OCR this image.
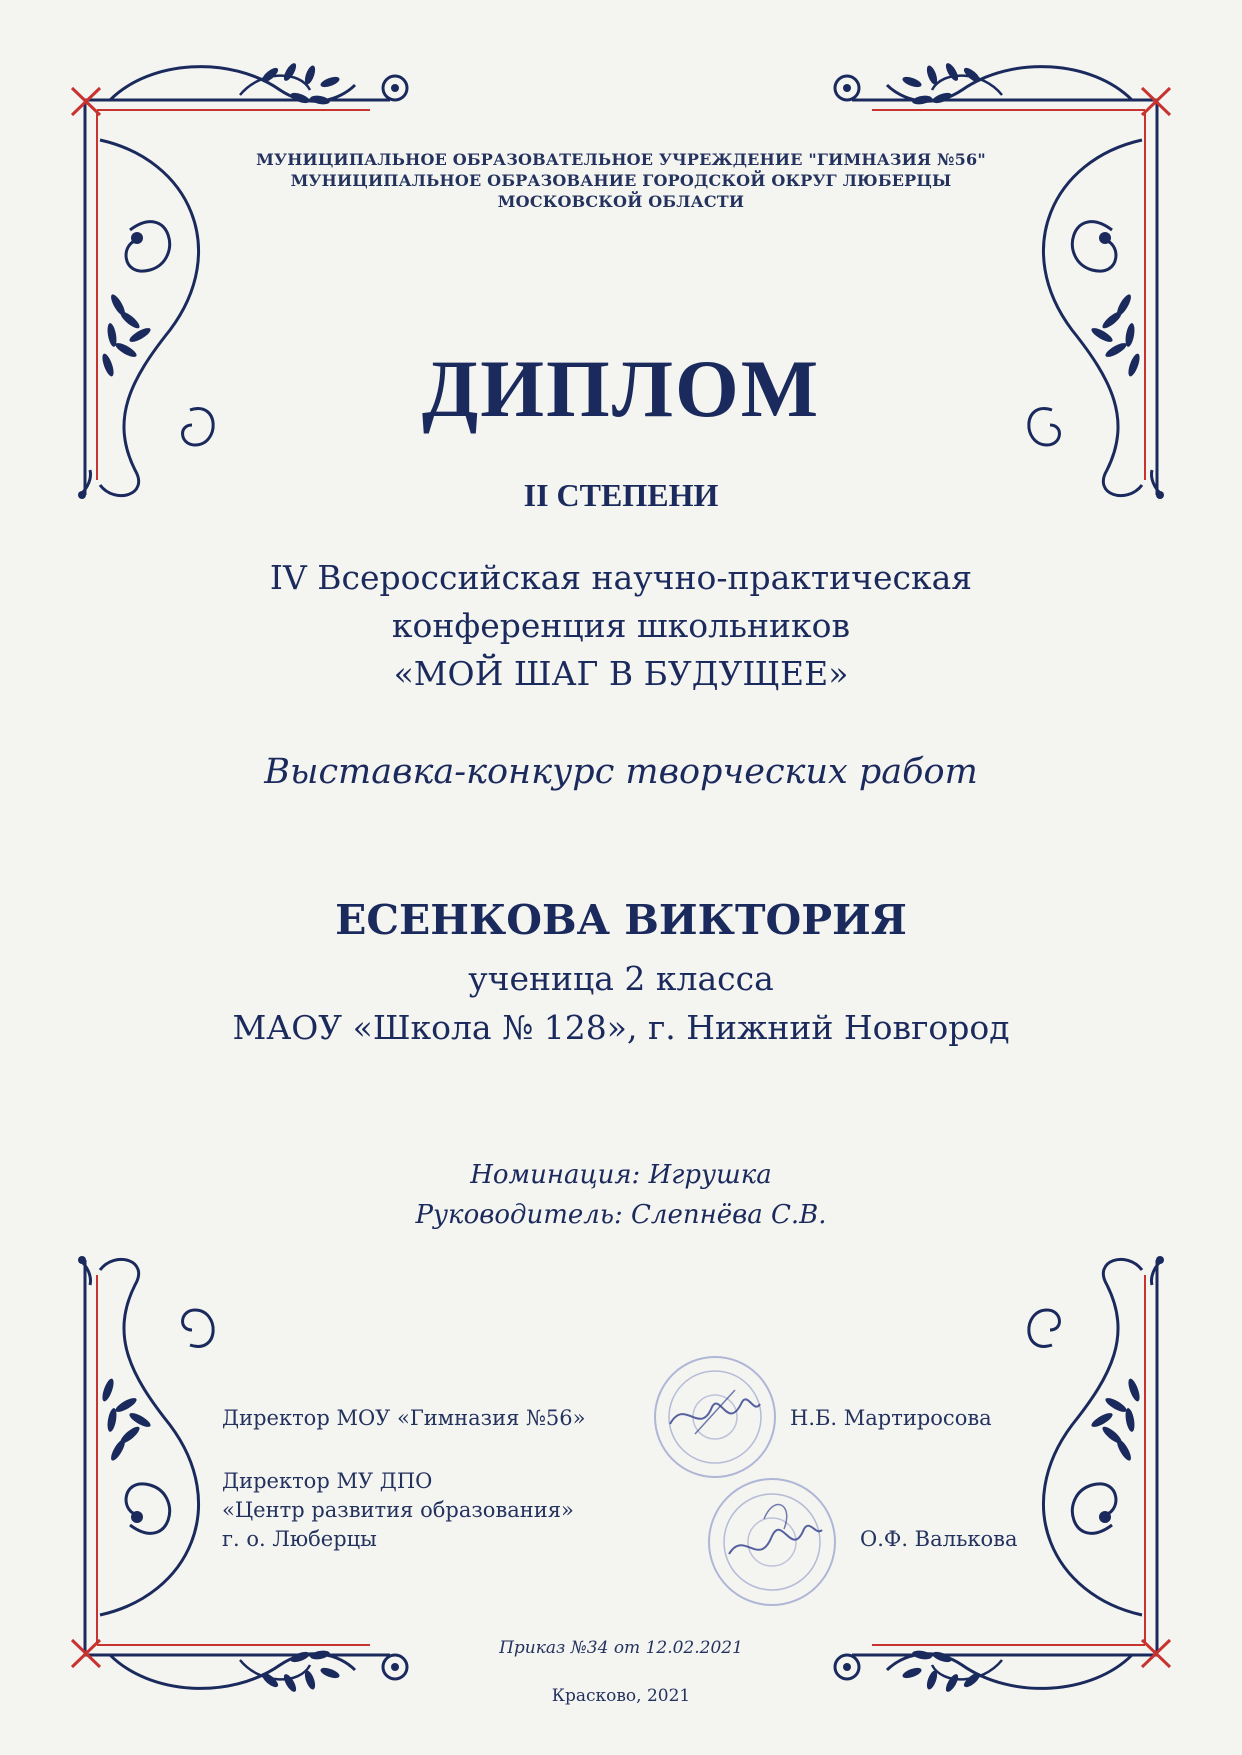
МУНИЦИПАЛЬНОЕ ОБРАЗОВАТЕЛЬНОЕ УЧРЕЖДЕНИЕ "ГИМНАЗИЯ №56"
МУНИЦИПАЛЬНОЕ ОБРАЗОВАНИЕ ГОРОДСКОЙ ОКРУГ ЛЮБЕРЦЫ
МОСКОВСКОЙ ОБЛАСТИ
ДИПЛОМ
II СТЕПЕНИ
IV Всероссийская научно-практическая
конференция школьников
«МОЙ ШАГ В БУДУЩЕЕ»
Выставка-конкурс творческих работ
ЕСЕНКОВА ВИКТОРИЯ
ученица 2 класса
МАОУ «Школа № 128», г. Нижний Новгород
Номинация: Игрушка
Руководитель: Слепнёва С.В.
Директор МОУ «Гимназия №56»	Н.Б. Мартиросова
Директор МУ ДПО
«Центр развития образования»
г. о. Люберцы	О.Ф. Валькова
Приказ №34 от 12.02.2021
Красково, 2021
